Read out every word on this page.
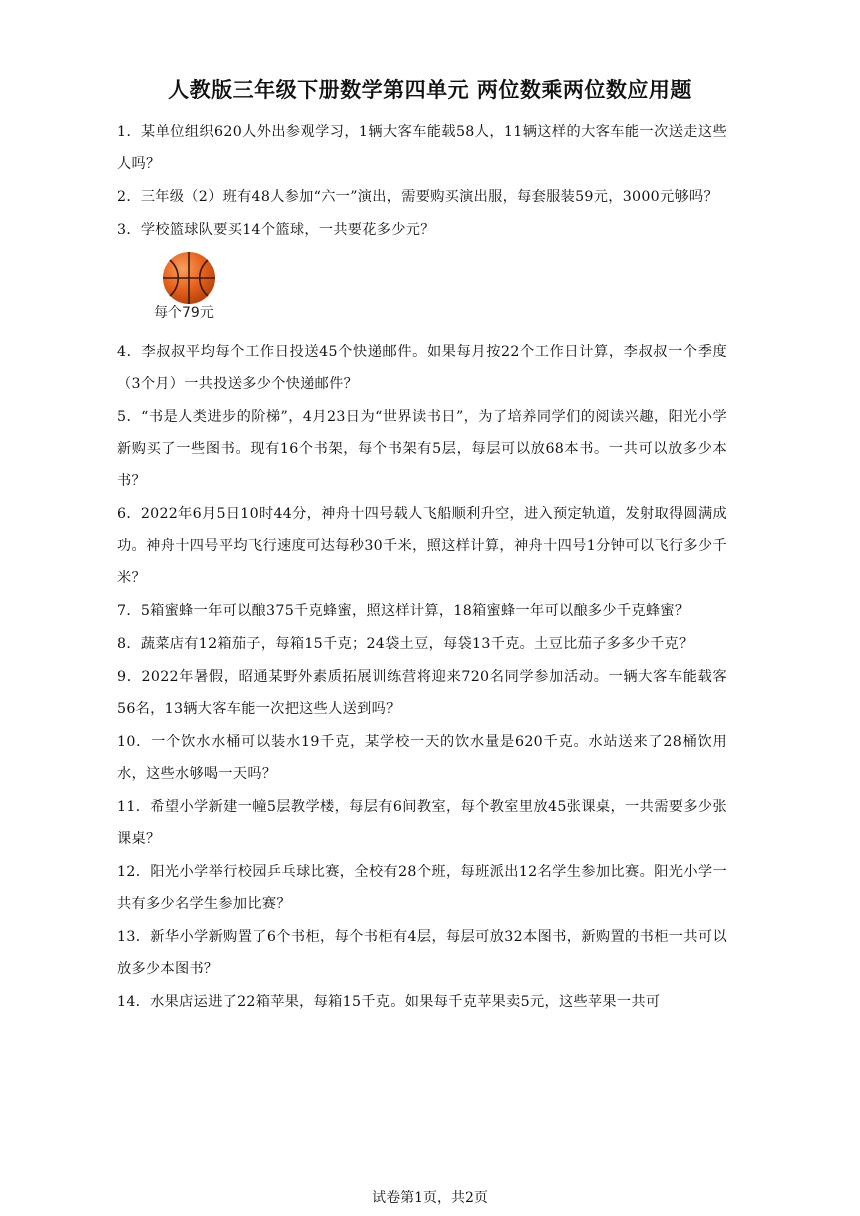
人教版三年级下册数学第四单元 两位数乘两位数应用题

1．某单位组织620人外出参观学习，1辆大客车能载58人，11辆这样的大客车能一次送走这些人吗？

2．三年级（2）班有48人参加“六一”演出，需要购买演出服，每套服装59元，3000元够吗？

3．学校篮球队要买14个篮球，一共要花多少元？

每个79元

4．李叔叔平均每个工作日投送45个快递邮件。如果每月按22个工作日计算，李叔叔一个季度（3个月）一共投送多少个快递邮件？

5．“书是人类进步的阶梯”，4月23日为“世界读书日”，为了培养同学们的阅读兴趣，阳光小学新购买了一些图书。现有16个书架，每个书架有5层，每层可以放68本书。一共可以放多少本书？

6．2022年6月5日10时44分，神舟十四号载人飞船顺利升空，进入预定轨道，发射取得圆满成功。神舟十四号平均飞行速度可达每秒30千米，照这样计算，神舟十四号1分钟可以飞行多少千米？

7．5箱蜜蜂一年可以酿375千克蜂蜜，照这样计算，18箱蜜蜂一年可以酿多少千克蜂蜜？

8．蔬菜店有12箱茄子，每箱15千克；24袋土豆，每袋13千克。土豆比茄子多多少千克？

9．2022年暑假，昭通某野外素质拓展训练营将迎来720名同学参加活动。一辆大客车能载客56名，13辆大客车能一次把这些人送到吗？

10．一个饮水水桶可以装水19千克，某学校一天的饮水量是620千克。水站送来了28桶饮用水，这些水够喝一天吗？

11．希望小学新建一幢5层教学楼，每层有6间教室，每个教室里放45张课桌，一共需要多少张课桌？

12．阳光小学举行校园乒乓球比赛，全校有28个班，每班派出12名学生参加比赛。阳光小学一共有多少名学生参加比赛？

13．新华小学新购置了6个书柜，每个书柜有4层，每层可放32本图书，新购置的书柜一共可以放多少本图书？

14．水果店运进了22箱苹果，每箱15千克。如果每千克苹果卖5元，这些苹果一共可

试卷第1页，共2页
